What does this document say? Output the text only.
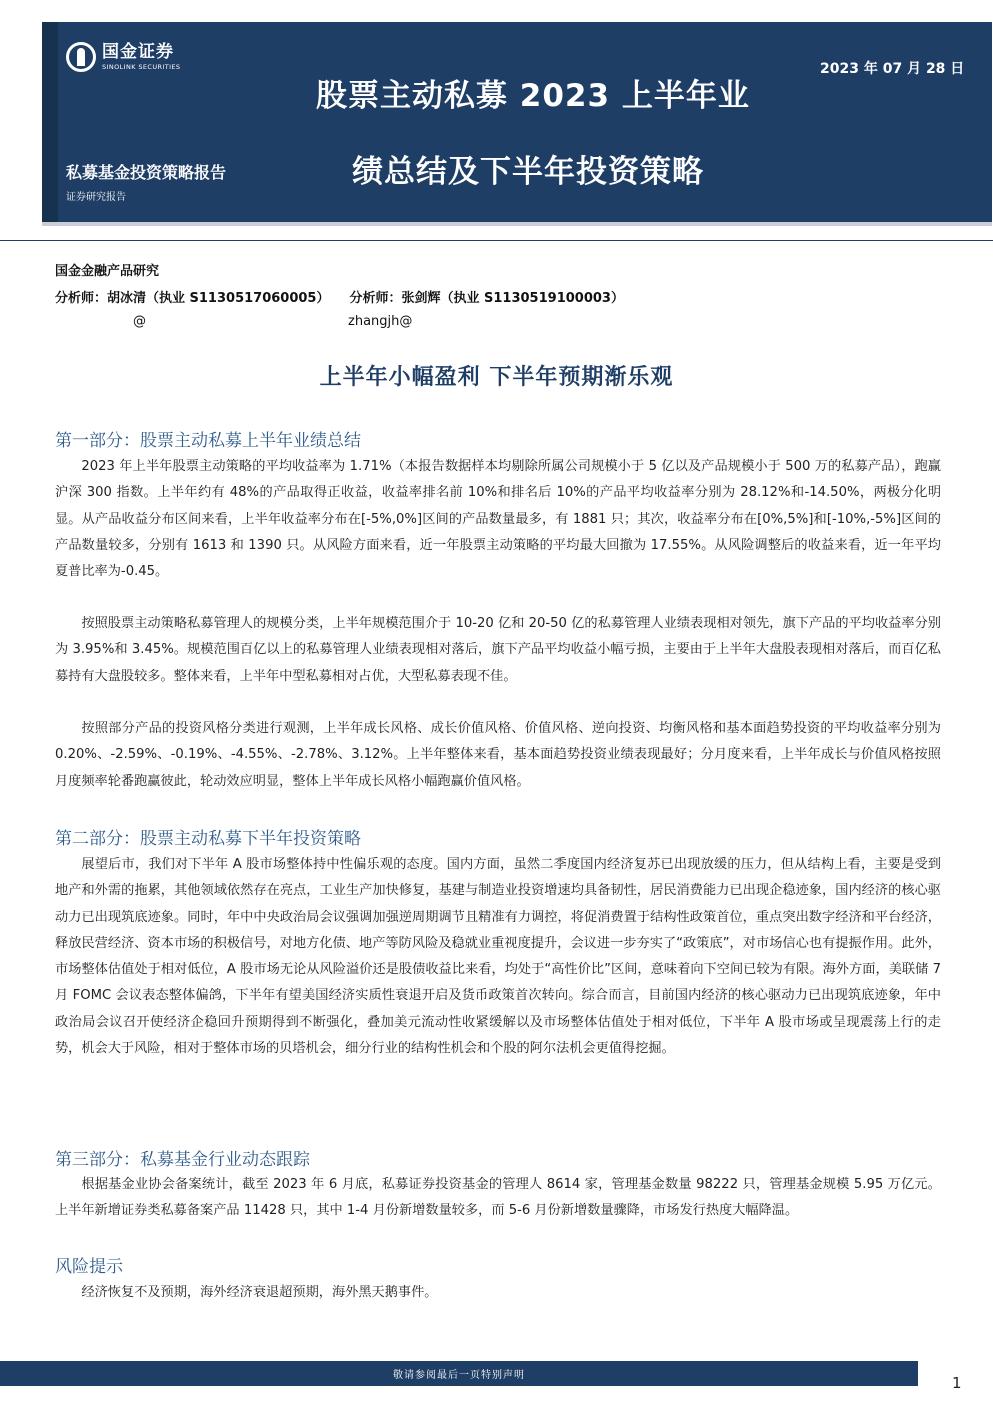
国金证券
SINOLINK SECURITIES	2023 年 07 月 28 日
股票主动私募 2023 上半年业
绩总结及下半年投资策略
私募基金投资策略报告
证券研究报告
国金金融产品研究
分析师：胡冰清（执业 S1130517060005） 分析师：张剑辉（执业 S1130519100003）
@	zhangjh@
上半年小幅盈利 下半年预期渐乐观
第一部分：股票主动私募上半年业绩总结

2023 年上半年股票主动策略的平均收益率为 1.71%（本报告数据样本均剔除所属公司规模小于 5 亿以及产品规模小于 500 万的私募产品），跑赢沪深 300 指数。上半年约有 48%的产品取得正收益，收益率排名前 10%和排名后 10%的产品平均收益率分别为 28.12%和-14.50%，两极分化明显。从产品收益分布区间来看，上半年收益率分布在[-5%,0%]区间的产品数量最多，有 1881 只；其次，收益率分布在[0%,5%]和[-10%,-5%]区间的产品数量较多，分别有 1613 和 1390 只。从风险方面来看，近一年股票主动策略的平均最大回撤为 17.55%。从风险调整后的收益来看，近一年平均夏普比率为-0.45。

按照股票主动策略私募管理人的规模分类，上半年规模范围介于 10-20 亿和 20-50 亿的私募管理人业绩表现相对领先，旗下产品的平均收益率分别为 3.95%和 3.45%。规模范围百亿以上的私募管理人业绩表现相对落后，旗下产品平均收益小幅亏损，主要由于上半年大盘股表现相对落后，而百亿私募持有大盘股较多。整体来看，上半年中型私募相对占优，大型私募表现不佳。

按照部分产品的投资风格分类进行观测，上半年成长风格、成长价值风格、价值风格、逆向投资、均衡风格和基本面趋势投资的平均收益率分别为 0.20%、-2.59%、-0.19%、-4.55%、-2.78%、3.12%。上半年整体来看，基本面趋势投资业绩表现最好；分月度来看，上半年成长与价值风格按照月度频率轮番跑赢彼此，轮动效应明显，整体上半年成长风格小幅跑赢价值风格。

第二部分：股票主动私募下半年投资策略

展望后市，我们对下半年 A 股市场整体持中性偏乐观的态度。国内方面，虽然二季度国内经济复苏已出现放缓的压力，但从结构上看，主要是受到地产和外需的拖累，其他领域依然存在亮点，工业生产加快修复，基建与制造业投资增速均具备韧性，居民消费能力已出现企稳迹象，国内经济的核心驱动力已出现筑底迹象。同时，年中中央政治局会议强调加强逆周期调节且精准有力调控，将促消费置于结构性政策首位，重点突出数字经济和平台经济，释放民营经济、资本市场的积极信号，对地方化债、地产等防风险及稳就业重视度提升，会议进一步夯实了“政策底”，对市场信心也有提振作用。此外，市场整体估值处于相对低位，A 股市场无论从风险溢价还是股债收益比来看，均处于“高性价比”区间，意味着向下空间已较为有限。海外方面，美联储 7 月 FOMC 会议表态整体偏鸽，下半年有望美国经济实质性衰退开启及货币政策首次转向。综合而言，目前国内经济的核心驱动力已出现筑底迹象，年中政治局会议召开使经济企稳回升预期得到不断强化，叠加美元流动性收紧缓解以及市场整体估值处于相对低位，下半年 A 股市场或呈现震荡上行的走势，机会大于风险，相对于整体市场的贝塔机会，细分行业的结构性机会和个股的阿尔法机会更值得挖掘。

第三部分：私募基金行业动态跟踪

根据基金业协会备案统计，截至 2023 年 6 月底，私募证券投资基金的管理人 8614 家，管理基金数量 98222 只，管理基金规模 5.95 万亿元。上半年新增证券类私募备案产品 11428 只，其中 1-4 月份新增数量较多，而 5-6 月份新增数量骤降，市场发行热度大幅降温。

风险提示

经济恢复不及预期，海外经济衰退超预期，海外黑天鹅事件。

敬请参阅最后一页特别声明	1
